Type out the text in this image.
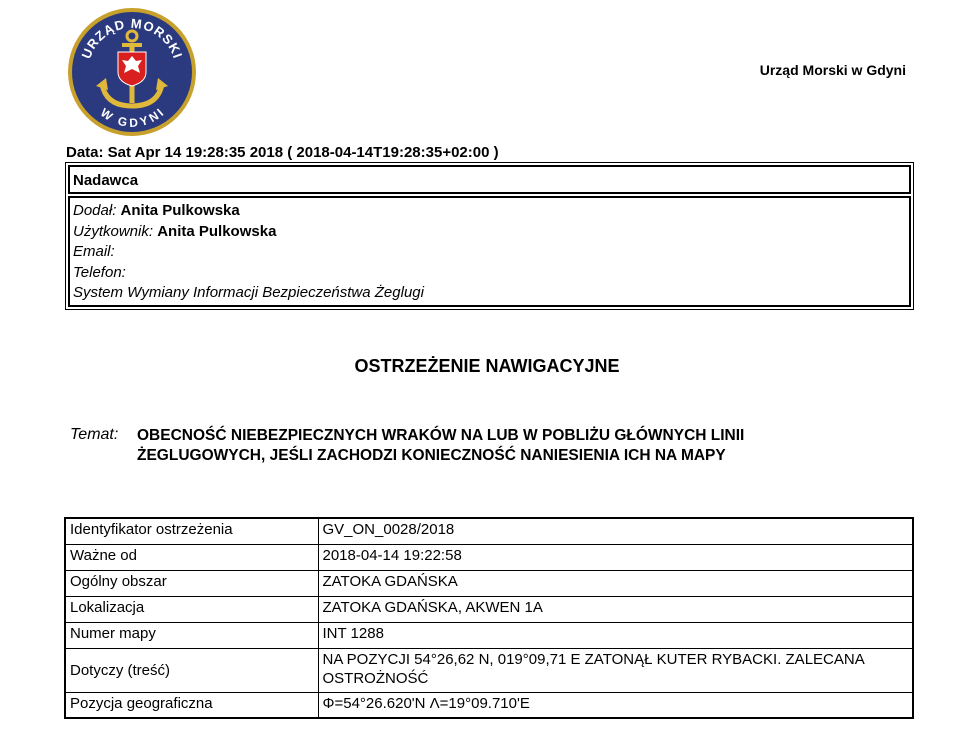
URZĄD MORSKI
W GDYNI
Urząd Morski w Gdyni
Data: Sat Apr 14 19:28:35 2018 ( 2018-04-14T19:28:35+02:00 )
Nadawca
Dodał: Anita Pulkowska
Użytkownik: Anita Pulkowska
Email:
Telefon:
System Wymiany Informacji Bezpieczeństwa Żeglugi
OSTRZEŻENIE NAWIGACYJNE
Temat: OBECNOŚĆ NIEBEZPIECZNYCH WRAKÓW NA LUB W POBLIŻU GŁÓWNYCH LINII ŻEGLUGOWYCH, JEŚLI ZACHODZI KONIECZNOŚĆ NANIESIENIA ICH NA MAPY
Identyfikator ostrzeżenia	GV_ON_0028/2018
Ważne od	2018-04-14 19:22:58
Ogólny obszar	ZATOKA GDAŃSKA
Lokalizacja	ZATOKA GDAŃSKA, AKWEN 1A
Numer mapy	INT 1288
Dotyczy (treść)	NA POZYCJI 54°26,62 N, 019°09,71 E ZATONĄŁ KUTER RYBACKI. ZALECANA OSTROŻNOŚĆ
Pozycja geograficzna	Φ=54°26.620'N Λ=19°09.710'E
